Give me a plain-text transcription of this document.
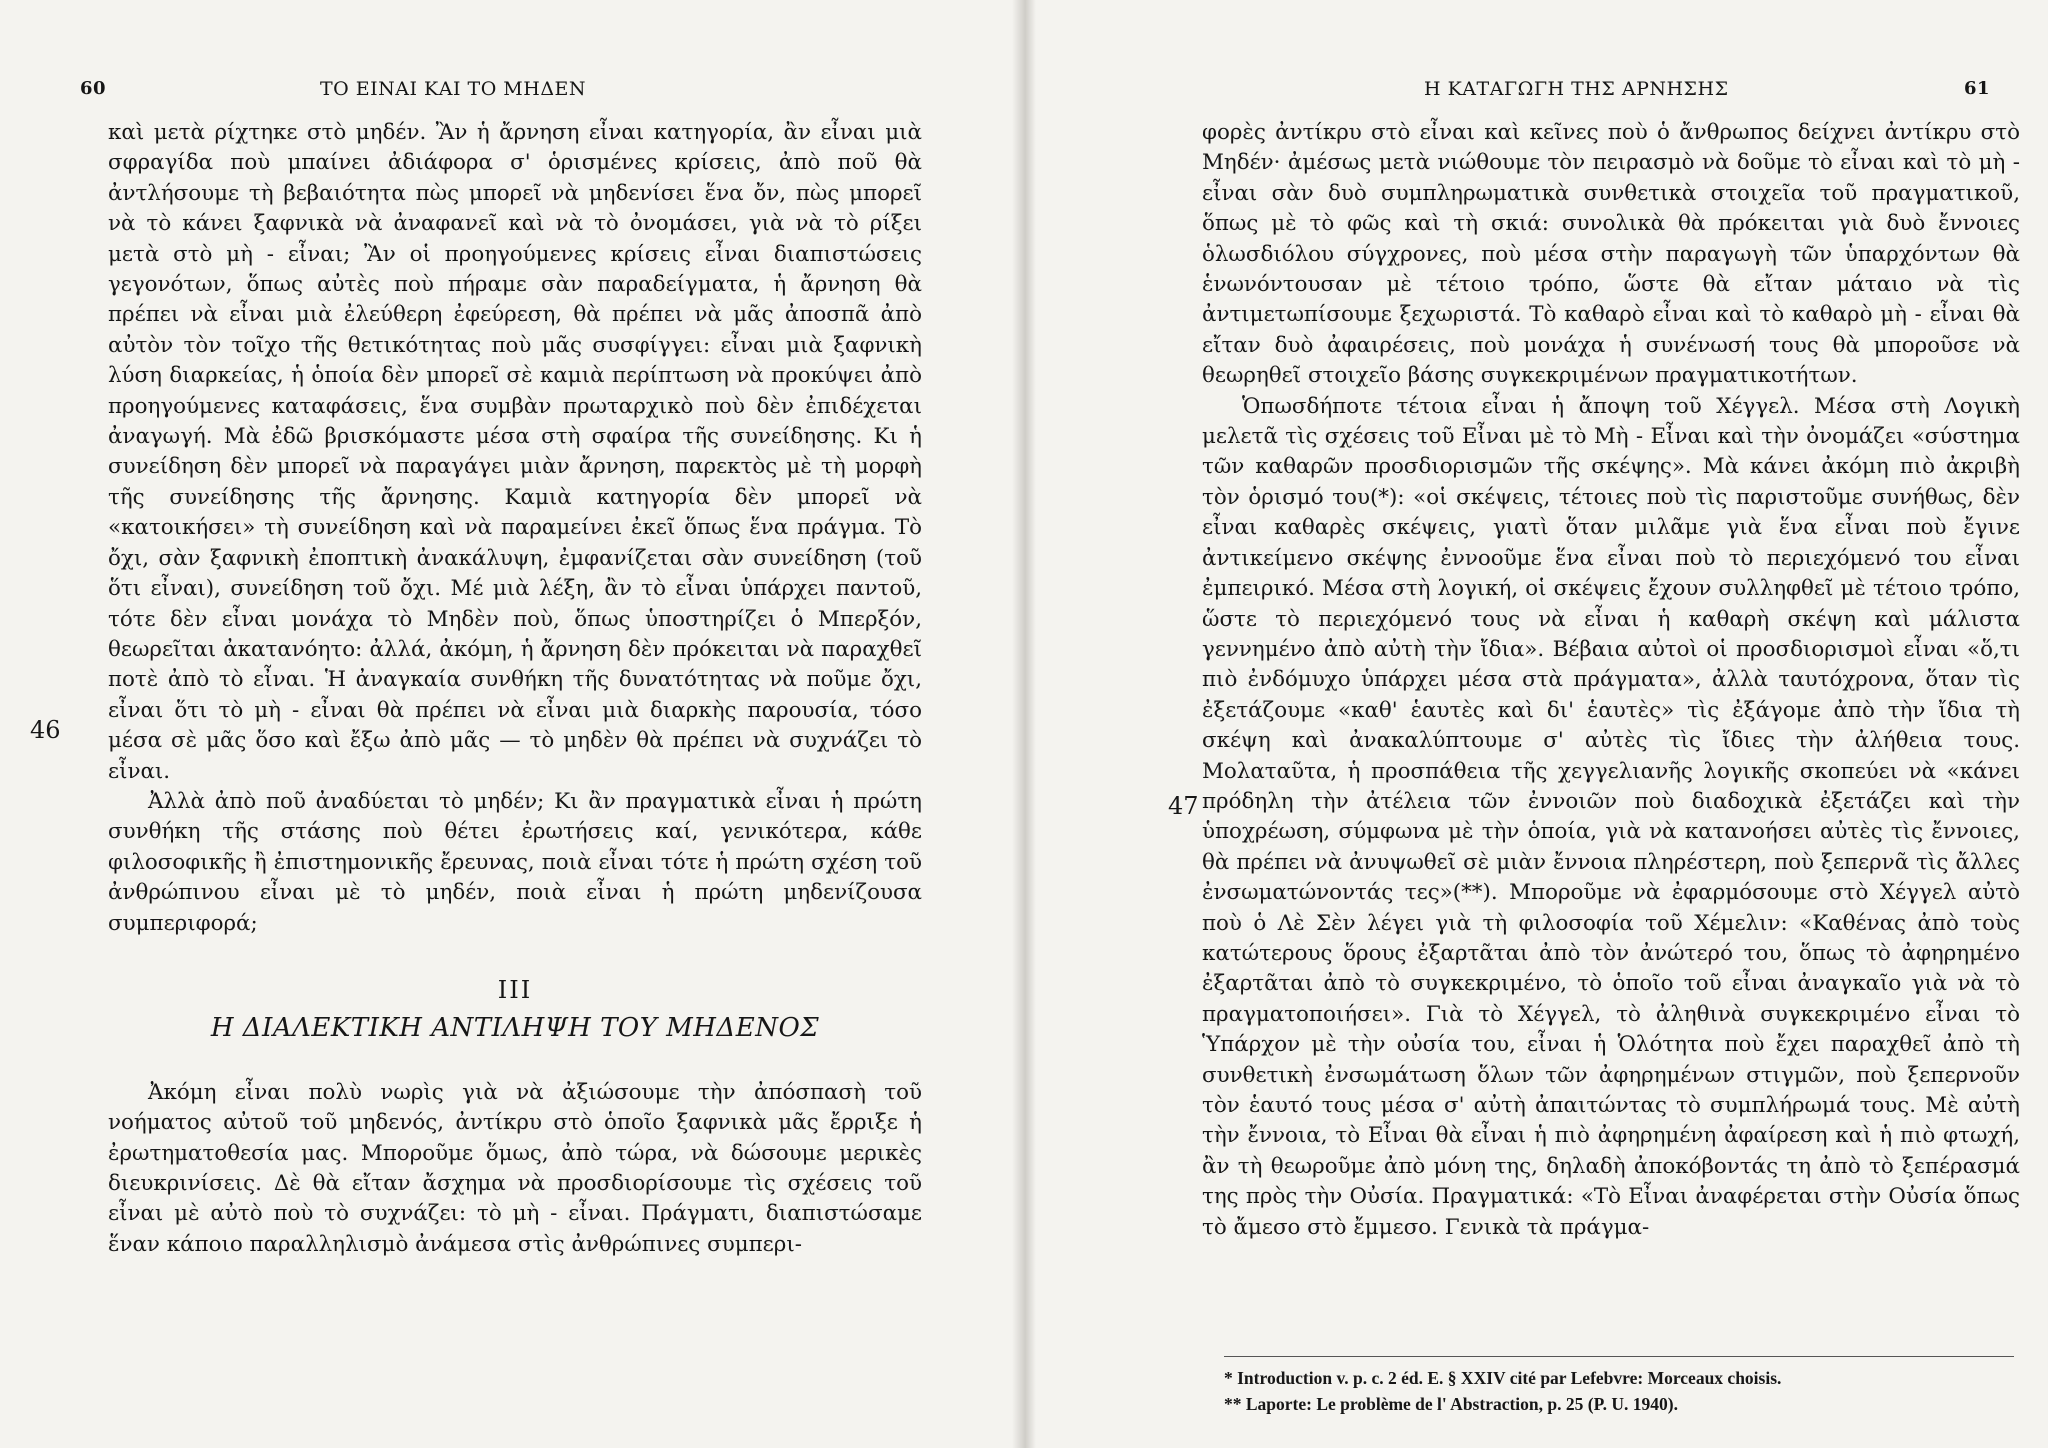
60	ΤΟ ΕΙΝΑΙ ΚΑΙ ΤΟ ΜΗΔΕΝ
46

καὶ μετὰ ρίχτηκε στὸ μηδέν. Ἂν ἡ ἄρνηση εἶναι κατηγορία, ἂν εἶναι μιὰ σφραγίδα ποὺ μπαίνει ἀδιάφορα σ' ὁρισμένες κρίσεις, ἀπὸ ποῦ θὰ ἀντλήσουμε τὴ βεβαιότητα πὼς μπορεῖ νὰ μηδενίσει ἕνα ὄν, πὼς μπορεῖ νὰ τὸ κάνει ξαφνικὰ νὰ ἀναφανεῖ καὶ νὰ τὸ ὀνομάσει, γιὰ νὰ τὸ ρίξει μετὰ στὸ μὴ - εἶναι; Ἂν οἱ προηγούμενες κρίσεις εἶναι διαπιστώσεις γεγονότων, ὅπως αὐτὲς ποὺ πήραμε σὰν παραδείγματα, ἡ ἄρνηση θὰ πρέπει νὰ εἶναι μιὰ ἐλεύθερη ἐφεύρεση, θὰ πρέπει νὰ μᾶς ἀποσπᾶ ἀπὸ αὐτὸν τὸν τοῖχο τῆς θετικότητας ποὺ μᾶς συσφίγγει: εἶναι μιὰ ξαφνικὴ λύση διαρκείας, ἡ ὁποία δὲν μπορεῖ σὲ καμιὰ περίπτωση νὰ προκύψει ἀπὸ προηγούμενες καταφάσεις, ἕνα συμβὰν πρωταρχικὸ ποὺ δὲν ἐπιδέχεται ἀναγωγή. Μὰ ἐδῶ βρισκόμαστε μέσα στὴ σφαίρα τῆς συνείδησης. Κι ἡ συνείδηση δὲν μπορεῖ νὰ παραγάγει μιὰν ἄρνηση, παρεκτὸς μὲ τὴ μορφὴ τῆς συνείδησης τῆς ἄρνησης. Καμιὰ κατηγορία δὲν μπορεῖ νὰ «κατοικήσει» τὴ συνείδηση καὶ νὰ παραμείνει ἐκεῖ ὅπως ἕνα πράγμα. Τὸ ὄχι, σὰν ξαφνικὴ ἐποπτικὴ ἀνακάλυψη, ἐμφανίζεται σὰν συνείδηση (τοῦ ὅτι εἶναι), συνείδηση τοῦ ὄχι. Μέ μιὰ λέξη, ἂν τὸ εἶναι ὑπάρχει παντοῦ, τότε δὲν εἶναι μονάχα τὸ Μηδὲν ποὺ, ὅπως ὑποστηρίζει ὁ Μπερξόν, θεωρεῖται ἀκατανόητο: ἀλλά, ἀκόμη, ἡ ἄρνηση δὲν πρόκειται νὰ παραχθεῖ ποτὲ ἀπὸ τὸ εἶναι. Ἡ ἀναγκαία συνθήκη τῆς δυνατότητας νὰ ποῦμε ὄχι, εἶναι ὅτι τὸ μὴ - εἶναι θὰ πρέπει νὰ εἶναι μιὰ διαρκὴς παρουσία, τόσο μέσα σὲ μᾶς ὅσο καὶ ἔξω ἀπὸ μᾶς — τὸ μηδὲν θὰ πρέπει νὰ συχνάζει τὸ εἶναι.

Ἀλλὰ ἀπὸ ποῦ ἀναδύεται τὸ μηδέν; Κι ἂν πραγματικὰ εἶναι ἡ πρώτη συνθήκη τῆς στάσης ποὺ θέτει ἐρωτήσεις καί, γενικότερα, κάθε φιλοσοφικῆς ἢ ἐπιστημονικῆς ἔρευνας, ποιὰ εἶναι τότε ἡ πρώτη σχέση τοῦ ἀνθρώπινου εἶναι μὲ τὸ μηδέν, ποιὰ εἶναι ἡ πρώτη μηδενίζουσα συμπεριφορά;

III
Η ΔΙΑΛΕΚΤΙΚΗ ΑΝΤΙΛΗΨΗ ΤΟΥ ΜΗΔΕΝΟΣ

Ἀκόμη εἶναι πολὺ νωρὶς γιὰ νὰ ἀξιώσουμε τὴν ἀπόσπασὴ τοῦ νοήματος αὐτοῦ τοῦ μηδενός, ἀντίκρυ στὸ ὁποῖο ξαφνικὰ μᾶς ἔρριξε ἡ ἐρωτηματοθεσία μας. Μποροῦμε ὅμως, ἀπὸ τώρα, νὰ δώσουμε μερικὲς διευκρινίσεις. Δὲ θὰ εἴταν ἄσχημα νὰ προσδιορίσουμε τὶς σχέσεις τοῦ εἶναι μὲ αὐτὸ ποὺ τὸ συχνάζει: τὸ μὴ - εἶναι. Πράγματι, διαπιστώσαμε ἕναν κάποιο παραλληλισμὸ ἀνάμεσα στὶς ἀνθρώπινες συμπερι-

Η ΚΑΤΑΓΩΓΗ ΤΗΣ ΑΡΝΗΣΗΣ	61
47

φορὲς ἀντίκρυ στὸ εἶναι καὶ κεῖνες ποὺ ὁ ἄνθρωπος δείχνει ἀντίκρυ στὸ Μηδέν· ἀμέσως μετὰ νιώθουμε τὸν πειρασμὸ νὰ δοῦμε τὸ εἶναι καὶ τὸ μὴ - εἶναι σὰν δυὸ συμπληρωματικὰ συνθετικὰ στοιχεῖα τοῦ πραγματικοῦ, ὅπως μὲ τὸ φῶς καὶ τὴ σκιά: συνολικὰ θὰ πρόκειται γιὰ δυὸ ἔννοιες ὁλωσδιόλου σύγχρονες, ποὺ μέσα στὴν παραγωγὴ τῶν ὑπαρχόντων θὰ ἑνωνόντουσαν μὲ τέτοιο τρόπο, ὥστε θὰ εἴταν μάταιο νὰ τὶς ἀντιμετωπίσουμε ξεχωριστά. Τὸ καθαρὸ εἶναι καὶ τὸ καθαρὸ μὴ - εἶναι θὰ εἴταν δυὸ ἀφαιρέσεις, ποὺ μονάχα ἡ συνένωσή τους θὰ μποροῦσε νὰ θεωρηθεῖ στοιχεῖο βάσης συγκεκριμένων πραγματικοτήτων.

Ὁπωσδήποτε τέτοια εἶναι ἡ ἄποψη τοῦ Χέγγελ. Μέσα στὴ Λογικὴ μελετᾶ τὶς σχέσεις τοῦ Εἶναι μὲ τὸ Μὴ - Εἶναι καὶ τὴν ὀνομάζει «σύστημα τῶν καθαρῶν προσδιορισμῶν τῆς σκέψης». Μὰ κάνει ἀκόμη πιὸ ἀκριβὴ τὸν ὁρισμό του(*): «οἱ σκέψεις, τέτοιες ποὺ τὶς παριστοῦμε συνήθως, δὲν εἶναι καθαρὲς σκέψεις, γιατὶ ὅταν μιλᾶμε γιὰ ἕνα εἶναι ποὺ ἔγινε ἀντικείμενο σκέψης ἐννοοῦμε ἕνα εἶναι ποὺ τὸ περιεχόμενό του εἶναι ἐμπειρικό. Μέσα στὴ λογική, οἱ σκέψεις ἔχουν συλληφθεῖ μὲ τέτοιο τρόπο, ὥστε τὸ περιεχόμενό τους νὰ εἶναι ἡ καθαρὴ σκέψη καὶ μάλιστα γεννημένο ἀπὸ αὐτὴ τὴν ἴδια». Βέβαια αὐτοὶ οἱ προσδιορισμοὶ εἶναι «ὅ,τι πιὸ ἐνδόμυχο ὑπάρχει μέσα στὰ πράγματα», ἀλλὰ ταυτόχρονα, ὅταν τὶς ἐξετάζουμε «καθ' ἑαυτὲς καὶ δι' ἑαυτὲς» τὶς ἐξάγομε ἀπὸ τὴν ἴδια τὴ σκέψη καὶ ἀνακαλύπτουμε σ' αὐτὲς τὶς ἴδιες τὴν ἀλήθεια τους. Μολαταῦτα, ἡ προσπάθεια τῆς χεγγελιανῆς λογικῆς σκοπεύει νὰ «κάνει πρόδηλη τὴν ἀτέλεια τῶν ἐννοιῶν ποὺ διαδοχικὰ ἐξετάζει καὶ τὴν ὑποχρέωση, σύμφωνα μὲ τὴν ὁποία, γιὰ νὰ κατανοήσει αὐτὲς τὶς ἔννοιες, θὰ πρέπει νὰ ἀνυψωθεῖ σὲ μιὰν ἔννοια πληρέστερη, ποὺ ξεπερνᾶ τὶς ἄλλες ἐνσωματώνοντάς τες»(**). Μποροῦμε νὰ ἐφαρμόσουμε στὸ Χέγγελ αὐτὸ ποὺ ὁ Λὲ Σὲν λέγει γιὰ τὴ φιλοσοφία τοῦ Χέμελιν: «Καθένας ἀπὸ τοὺς κατώτερους ὅρους ἐξαρτᾶται ἀπὸ τὸν ἀνώτερό του, ὅπως τὸ ἀφηρημένο ἐξαρτᾶται ἀπὸ τὸ συγκεκριμένο, τὸ ὁποῖο τοῦ εἶναι ἀναγκαῖο γιὰ νὰ τὸ πραγματοποιήσει». Γιὰ τὸ Χέγγελ, τὸ ἀληθινὰ συγκεκριμένο εἶναι τὸ Ὑπάρχον μὲ τὴν οὐσία του, εἶναι ἡ Ὁλότητα ποὺ ἔχει παραχθεῖ ἀπὸ τὴ συνθετικὴ ἐνσωμάτωση ὅλων τῶν ἀφηρημένων στιγμῶν, ποὺ ξεπερνοῦν τὸν ἑαυτό τους μέσα σ' αὐτὴ ἀπαιτώντας τὸ συμπλήρωμά τους. Μὲ αὐτὴ τὴν ἔννοια, τὸ Εἶναι θὰ εἶναι ἡ πιὸ ἀφηρημένη ἀφαίρεση καὶ ἡ πιὸ φτωχή, ἂν τὴ θεωροῦμε ἀπὸ μόνη της, δηλαδὴ ἀποκόβοντάς τη ἀπὸ τὸ ξεπέρασμά της πρὸς τὴν Οὐσία. Πραγματικά: «Τὸ Εἶναι ἀναφέρεται στὴν Οὐσία ὅπως τὸ ἄμεσο στὸ ἔμμεσο. Γενικὰ τὰ πράγμα-

* Introduction v. p. c. 2 éd. E. § XXIV cité par Lefebvre: Morceaux choisis.
** Laporte: Le problème de l' Abstraction, p. 25 (P. U. 1940).
